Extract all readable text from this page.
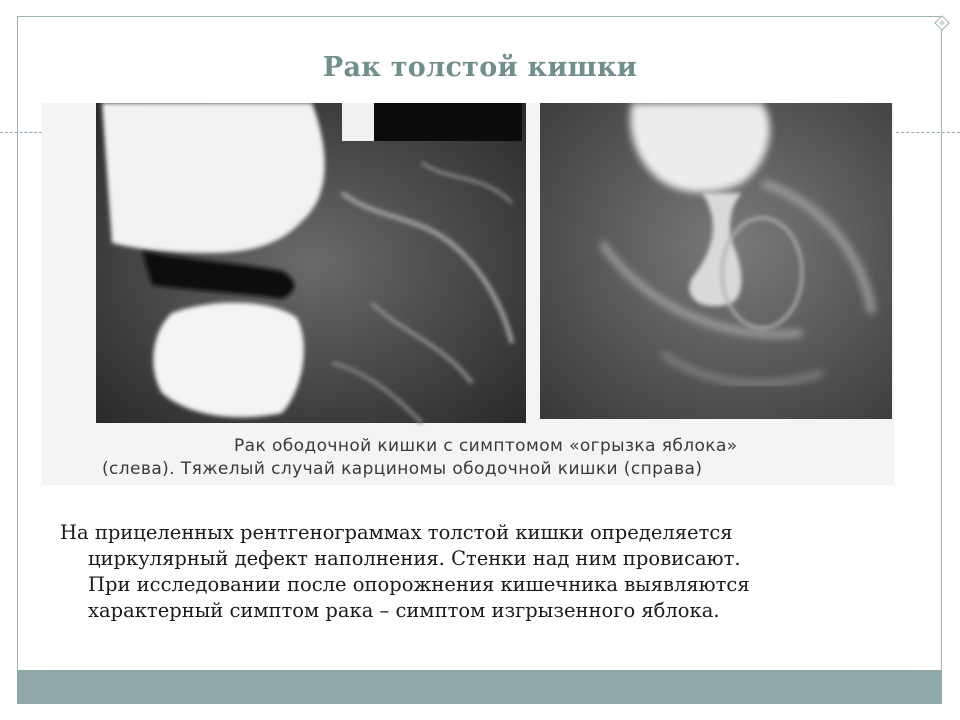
Рак толстой кишки
Рак ободочной кишки с симптомом «огрызка яблока»
(слева). Тяжелый случай карциномы ободочной кишки (справа)
На прицеленных рентгенограммах толстой кишки определяется
циркулярный дефект наполнения. Стенки над ним провисают.
При исследовании после опорожнения кишечника выявляются
характерный симптом рака – симптом изгрызенного яблока.
